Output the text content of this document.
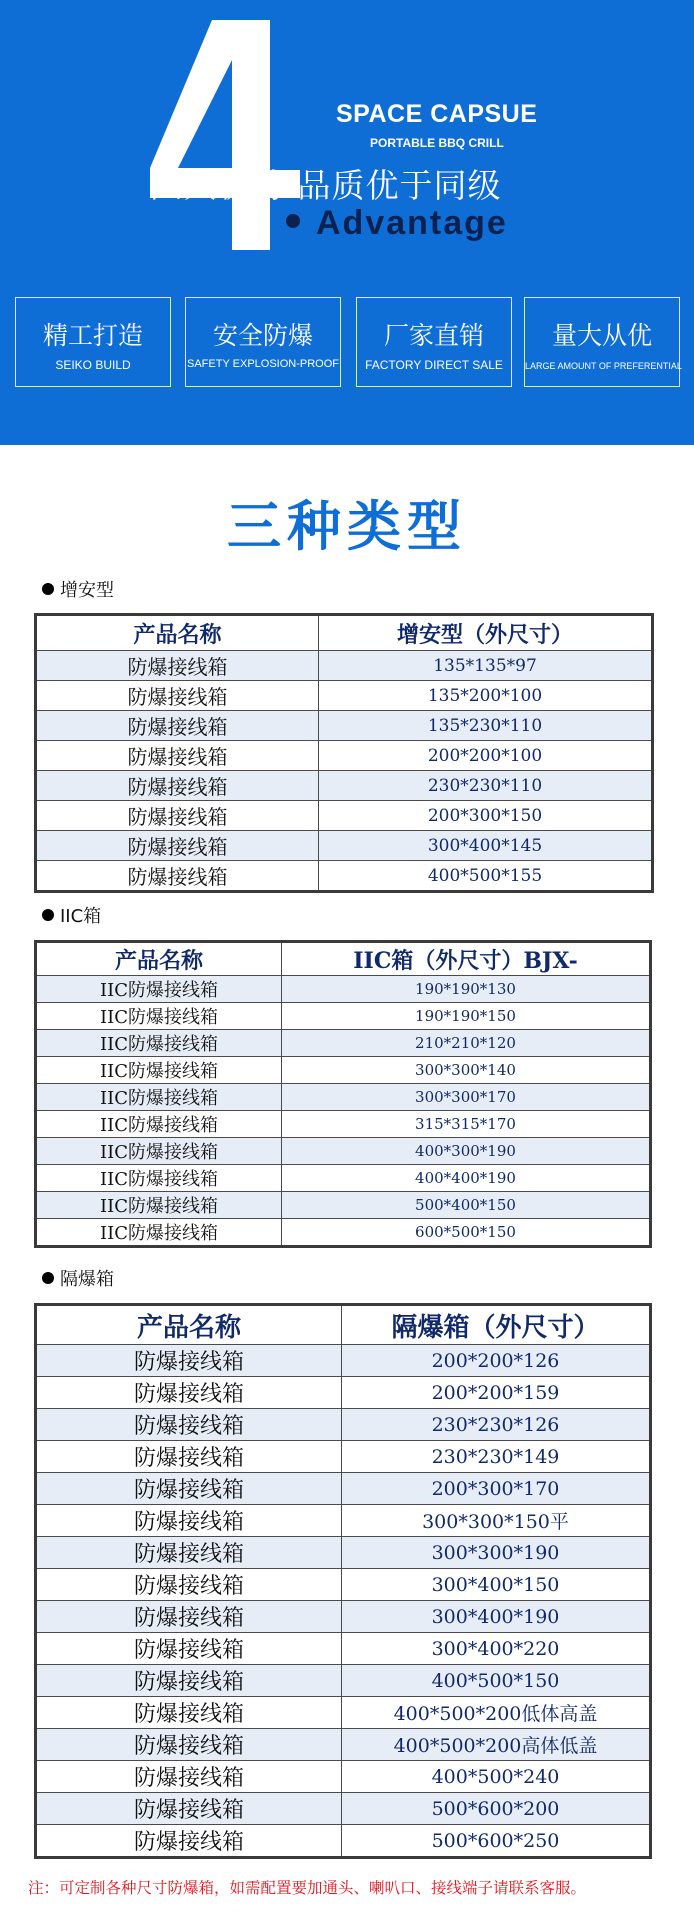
SPACE CAPSUE
PORTABLE BBQ CRILL
四大优势 品质优于同级
Advantage
精工打造
SEIKO BUILD
安全防爆
SAFETY EXPLOSION-PROOF
厂家直销
FACTORY DIRECT SALE
量大从优
LARGE AMOUNT OF PREFERENTIAL
三种类型
增安型
产品名称	增安型（外尺寸）
防爆接线箱	135*135*97
防爆接线箱	135*200*100
防爆接线箱	135*230*110
防爆接线箱	200*200*100
防爆接线箱	230*230*110
防爆接线箱	200*300*150
防爆接线箱	300*400*145
防爆接线箱	400*500*155
IIC箱
产品名称	IIC箱（外尺寸）BJX-
IIC防爆接线箱	190*190*130
IIC防爆接线箱	190*190*150
IIC防爆接线箱	210*210*120
IIC防爆接线箱	300*300*140
IIC防爆接线箱	300*300*170
IIC防爆接线箱	315*315*170
IIC防爆接线箱	400*300*190
IIC防爆接线箱	400*400*190
IIC防爆接线箱	500*400*150
IIC防爆接线箱	600*500*150
隔爆箱
产品名称	隔爆箱（外尺寸）
防爆接线箱	200*200*126
防爆接线箱	200*200*159
防爆接线箱	230*230*126
防爆接线箱	230*230*149
防爆接线箱	200*300*170
防爆接线箱	300*300*150平
防爆接线箱	300*300*190
防爆接线箱	300*400*150
防爆接线箱	300*400*190
防爆接线箱	300*400*220
防爆接线箱	400*500*150
防爆接线箱	400*500*200低体高盖
防爆接线箱	400*500*200高体低盖
防爆接线箱	400*500*240
防爆接线箱	500*600*200
防爆接线箱	500*600*250
注：可定制各种尺寸防爆箱，如需配置要加通头、喇叭口、接线端子请联系客服。
